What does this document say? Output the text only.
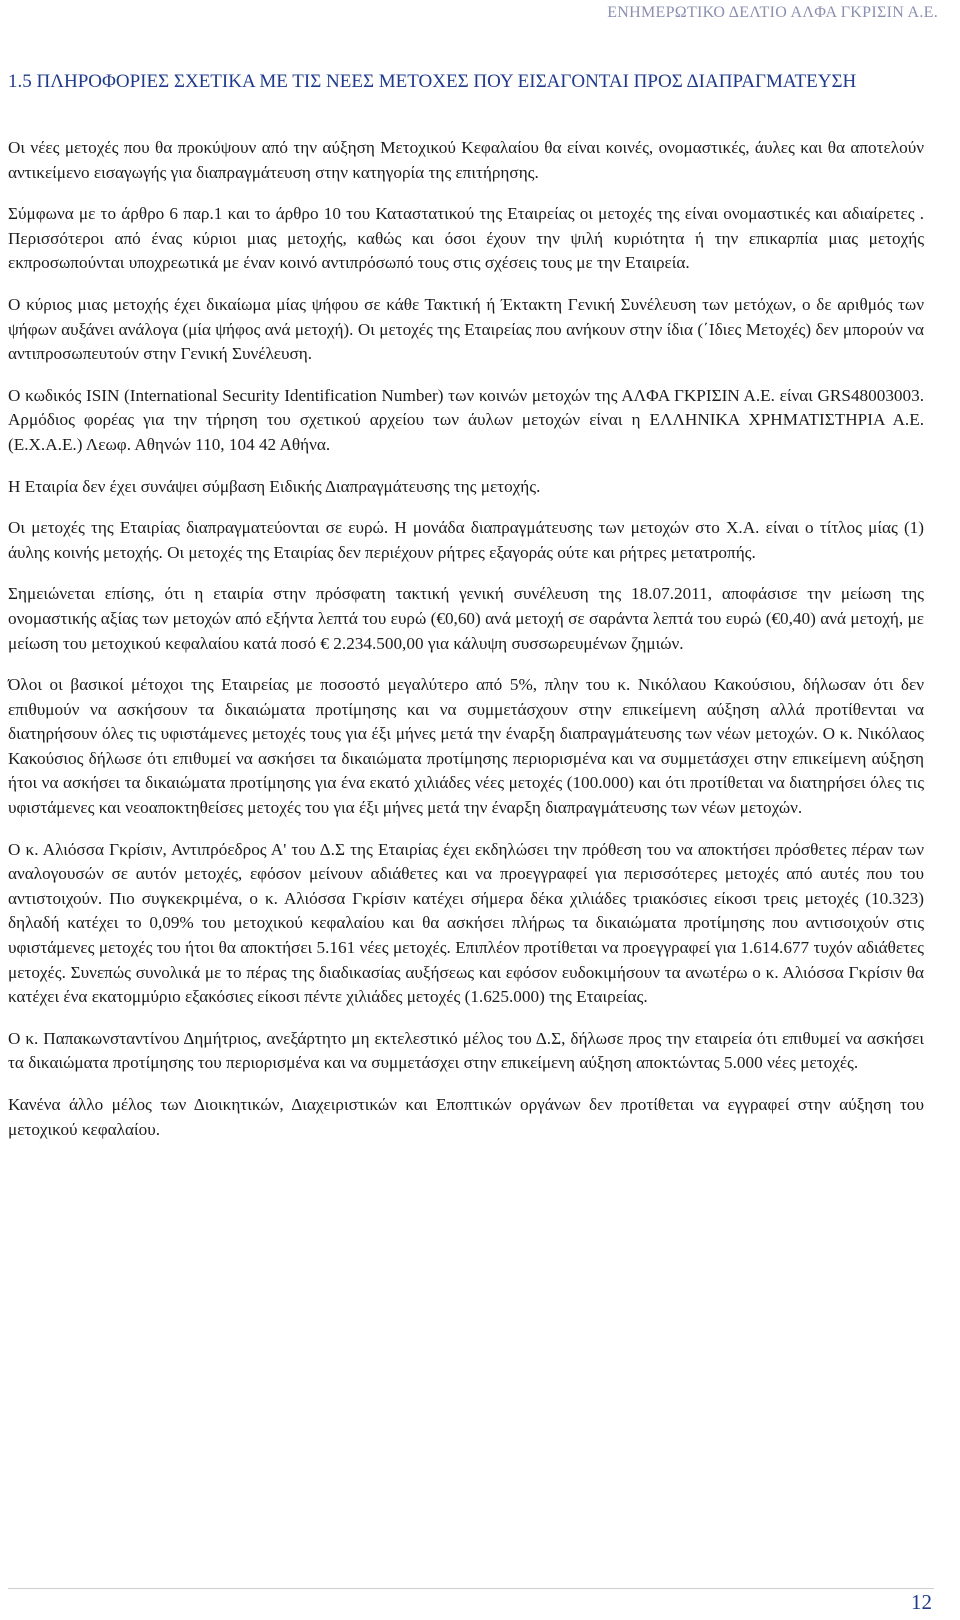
ΕΝΗΜΕΡΩΤΙΚΟ ΔΕΛΤΙΟ ΑΛΦΑ ΓΚΡΙΣΙΝ Α.Ε.
1.5 ΠΛΗΡΟΦΟΡΙΕΣ ΣΧΕΤΙΚΑ ΜΕ ΤΙΣ ΝΕΕΣ ΜΕΤΟΧΕΣ ΠΟΥ ΕΙΣΑΓΟΝΤΑΙ ΠΡΟΣ ΔΙΑΠΡΑΓΜΑΤΕΥΣΗ

Οι νέες μετοχές που θα προκύψουν από την αύξηση Μετοχικού Κεφαλαίου θα είναι κοινές, ονομαστικές, άυλες και θα αποτελούν αντικείμενο εισαγωγής για διαπραγμάτευση στην κατηγορία της επιτήρησης.

Σύμφωνα με το άρθρο 6 παρ.1 και το άρθρο 10 του Καταστατικού της Εταιρείας οι μετοχές της είναι ονομαστικές και αδιαίρετες . Περισσότεροι από ένας κύριοι μιας μετοχής, καθώς και όσοι έχουν την ψιλή κυριότητα ή την επικαρπία μιας μετοχής εκπροσωπούνται υποχρεωτικά με έναν κοινό αντιπρόσωπό τους στις σχέσεις τους με την Εταιρεία.

Ο κύριος μιας μετοχής έχει δικαίωμα μίας ψήφου σε κάθε Τακτική ή Έκτακτη Γενική Συνέλευση των μετόχων, ο δε αριθμός των ψήφων αυξάνει ανάλογα (μία ψήφος ανά μετοχή). Οι μετοχές της Εταιρείας που ανήκουν στην ίδια (΄Ιδιες Μετοχές) δεν μπορούν να αντιπροσωπευτούν στην Γενική Συνέλευση.

Ο κωδικός ISIN (International Security Identification Number) των κοινών μετοχών της ΑΛΦΑ ΓΚΡΙΣΙΝ Α.Ε. είναι GRS48003003. Αρμόδιος φορέας για την τήρηση του σχετικού αρχείου των άυλων μετοχών είναι η ΕΛΛΗΝΙΚΑ ΧΡΗΜΑΤΙΣΤΗΡΙΑ Α.Ε. (Ε.Χ.Α.Ε.) Λεωφ. Αθηνών 110, 104 42 Αθήνα.

Η Εταιρία δεν έχει συνάψει σύμβαση Ειδικής Διαπραγμάτευσης της μετοχής.

Οι μετοχές της Εταιρίας διαπραγματεύονται σε ευρώ. Η μονάδα διαπραγμάτευσης των μετοχών στο Χ.Α. είναι ο τίτλος μίας (1) άυλης κοινής μετοχής. Οι μετοχές της Εταιρίας δεν περιέχουν ρήτρες εξαγοράς ούτε και ρήτρες μετατροπής.

Σημειώνεται επίσης, ότι η εταιρία στην πρόσφατη τακτική γενική συνέλευση της 18.07.2011, αποφάσισε την μείωση της ονομαστικής αξίας των μετοχών από εξήντα λεπτά του ευρώ (€0,60) ανά μετοχή σε σαράντα λεπτά του ευρώ (€0,40) ανά μετοχή, με μείωση του μετοχικού κεφαλαίου κατά ποσό € 2.234.500,00 για κάλυψη συσσωρευμένων ζημιών.

Όλοι οι βασικοί μέτοχοι της Εταιρείας με ποσοστό μεγαλύτερο από 5%, πλην του κ. Νικόλαου Κακούσιου, δήλωσαν ότι δεν επιθυμούν να ασκήσουν τα δικαιώματα προτίμησης και να συμμετάσχουν στην επικείμενη αύξηση αλλά προτίθενται να διατηρήσουν όλες τις υφιστάμενες μετοχές τους για έξι μήνες μετά την έναρξη διαπραγμάτευσης των νέων μετοχών. Ο κ. Νικόλαος Κακούσιος δήλωσε ότι επιθυμεί να ασκήσει τα δικαιώματα προτίμησης περιορισμένα και να συμμετάσχει στην επικείμενη αύξηση ήτοι να ασκήσει τα δικαιώματα προτίμησης για ένα εκατό χιλιάδες νέες μετοχές (100.000) και ότι προτίθεται να διατηρήσει όλες τις υφιστάμενες και νεοαποκτηθείσες μετοχές του για έξι μήνες μετά την έναρξη διαπραγμάτευσης των νέων μετοχών.

Ο κ. Αλιόσσα Γκρίσιν, Αντιπρόεδρος Α' του Δ.Σ της Εταιρίας έχει εκδηλώσει την πρόθεση του να αποκτήσει πρόσθετες πέραν των αναλογουσών σε αυτόν μετοχές, εφόσον μείνουν αδιάθετες και να προεγγραφεί για περισσότερες μετοχές από αυτές που του αντιστοιχούν. Πιο συγκεκριμένα, ο κ. Αλιόσσα Γκρίσιν κατέχει σήμερα δέκα χιλιάδες τριακόσιες είκοσι τρεις μετοχές (10.323) δηλαδή κατέχει το 0,09% του μετοχικού κεφαλαίου και θα ασκήσει πλήρως τα δικαιώματα προτίμησης που αντισοιχούν στις υφιστάμενες μετοχές του ήτοι θα αποκτήσει 5.161 νέες μετοχές. Επιπλέον προτίθεται να προεγγραφεί για 1.614.677 τυχόν αδιάθετες μετοχές. Συνεπώς συνολικά με το πέρας της διαδικασίας αυξήσεως και εφόσον ευδοκιμήσουν τα ανωτέρω ο κ. Αλιόσσα Γκρίσιν θα κατέχει ένα εκατομμύριο εξακόσιες είκοσι πέντε χιλιάδες μετοχές (1.625.000) της Εταιρείας.

Ο κ. Παπακωνσταντίνου Δημήτριος, ανεξάρτητο μη εκτελεστικό μέλος του Δ.Σ, δήλωσε προς την εταιρεία ότι επιθυμεί να ασκήσει τα δικαιώματα προτίμησης του περιορισμένα και να συμμετάσχει στην επικείμενη αύξηση αποκτώντας 5.000 νέες μετοχές.

Κανένα άλλο μέλος των Διοικητικών, Διαχειριστικών και Εποπτικών οργάνων δεν προτίθεται να εγγραφεί στην αύξηση του μετοχικού κεφαλαίου.

12
